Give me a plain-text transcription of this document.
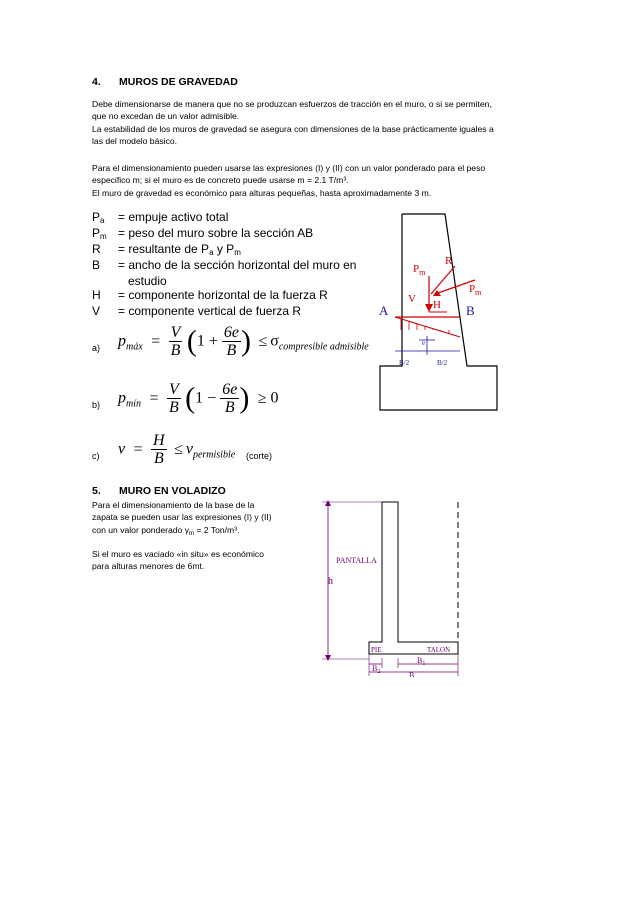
4. MUROS DE GRAVEDAD
Debe dimensionarse de manera que no se produzcan esfuerzos de tracción en el muro, o si se permiten,
que no excedan de un valor admisible.
La estabilidad de los muros de gravedad se asegura con dimensiones de la base prácticamente iguales a
las del modelo básico.
Para el dimensionamiento pueden usarse las expresiones (I) y (II) con un valor ponderado para el peso
especifico m; si el muro es de concreto puede usarse m = 2.1 T/m³.
El muro de gravedad es económico para alturas pequeñas, hasta aproximadamente 3 m.
$P_a$ = empuje activo total
$P_m$ = peso del muro sobre la sección AB
R = resultante de $P_a$ y $P_m$
B = ancho de la sección horizontal del muro en
estudio
H = componente horizontal de la fuerza R
V = componente vertical de fuerza R
a) $p_{máx} = \frac{V}{B} (1 + \frac{6e}{B}$ ) ≤ $\sigma_{compresible admisible}$
b) $p_{mín} = \frac{V}{B} (1 - \frac{6e}{B}$ ) ≥ 0
c) $v = \frac{H}{B} \le v_{permisible}$ (corte)
A	B
$P_m$
R
V H
$P_m$
e
B/2	B/2
5. MURO EN VOLADIZO
Para el dimensionamiento de la base de la
zapata se pueden usar las expresiones (I) y (II)
con un valor ponderado $\gamma_m = 2$ Ton/m³.
Si el muro es vaciado «in situ» es económico
para alturas menores de 6mt.
PANTALLA
h
PIE	TALON
$B_2$
$B_1$
B
